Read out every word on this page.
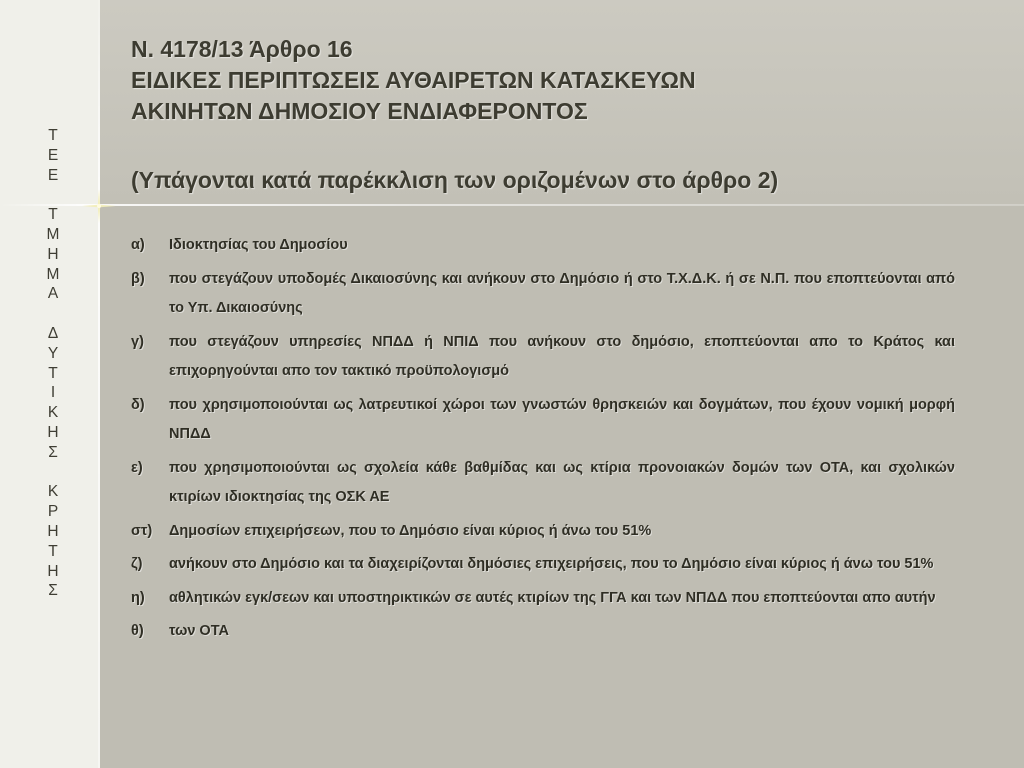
Τ
Ε
Ε
Τ
Μ
Η
Μ
Α
Δ
Υ
Τ
Ι
Κ
Η
Σ
Κ
Ρ
Η
Τ
Η
Σ
Ν. 4178/13 Άρθρο 16
ΕΙΔΙΚΕΣ ΠΕΡΙΠΤΩΣΕΙΣ ΑΥΘΑΙΡΕΤΩΝ ΚΑΤΑΣΚΕΥΩΝ
ΑΚΙΝΗΤΩΝ ΔΗΜΟΣΙΟΥ ΕΝΔΙΑΦΕΡΟΝΤΟΣ
(Υπάγονται κατά παρέκκλιση των οριζομένων στο άρθρο 2)
α)	Ιδιοκτησίας του Δημοσίου
β)	που στεγάζουν υποδομές Δικαιοσύνης και ανήκουν στο Δημόσιο ή στο Τ.Χ.Δ.Κ. ή σε Ν.Π. που εποπτεύονται από το Υπ. Δικαιοσύνης
γ)	που στεγάζουν υπηρεσίες ΝΠΔΔ ή ΝΠΙΔ που ανήκουν στο δημόσιο, εποπτεύονται απο το Κράτος και επιχορηγούνται απο τον τακτικό προϋπολογισμό
δ)	που χρησιμοποιούνται ως λατρευτικοί χώροι των γνωστών θρησκειών και δογμάτων, που έχουν νομική μορφή ΝΠΔΔ
ε)	που χρησιμοποιούνται ως σχολεία κάθε βαθμίδας και ως κτίρια προνοιακών δομών των ΟΤΑ, και σχολικών κτιρίων ιδιοκτησίας της ΟΣΚ ΑΕ
στ)	Δημοσίων επιχειρήσεων, που το Δημόσιο είναι κύριος ή άνω του 51%
ζ)	ανήκουν στο Δημόσιο και τα διαχειρίζονται δημόσιες επιχειρήσεις, που το Δημόσιο είναι κύριος ή άνω του 51%
η)	αθλητικών εγκ/σεων και υποστηρικτικών σε αυτές κτιρίων της ΓΓΑ και των ΝΠΔΔ που εποπτεύονται απο αυτήν
θ)	των ΟΤΑ
